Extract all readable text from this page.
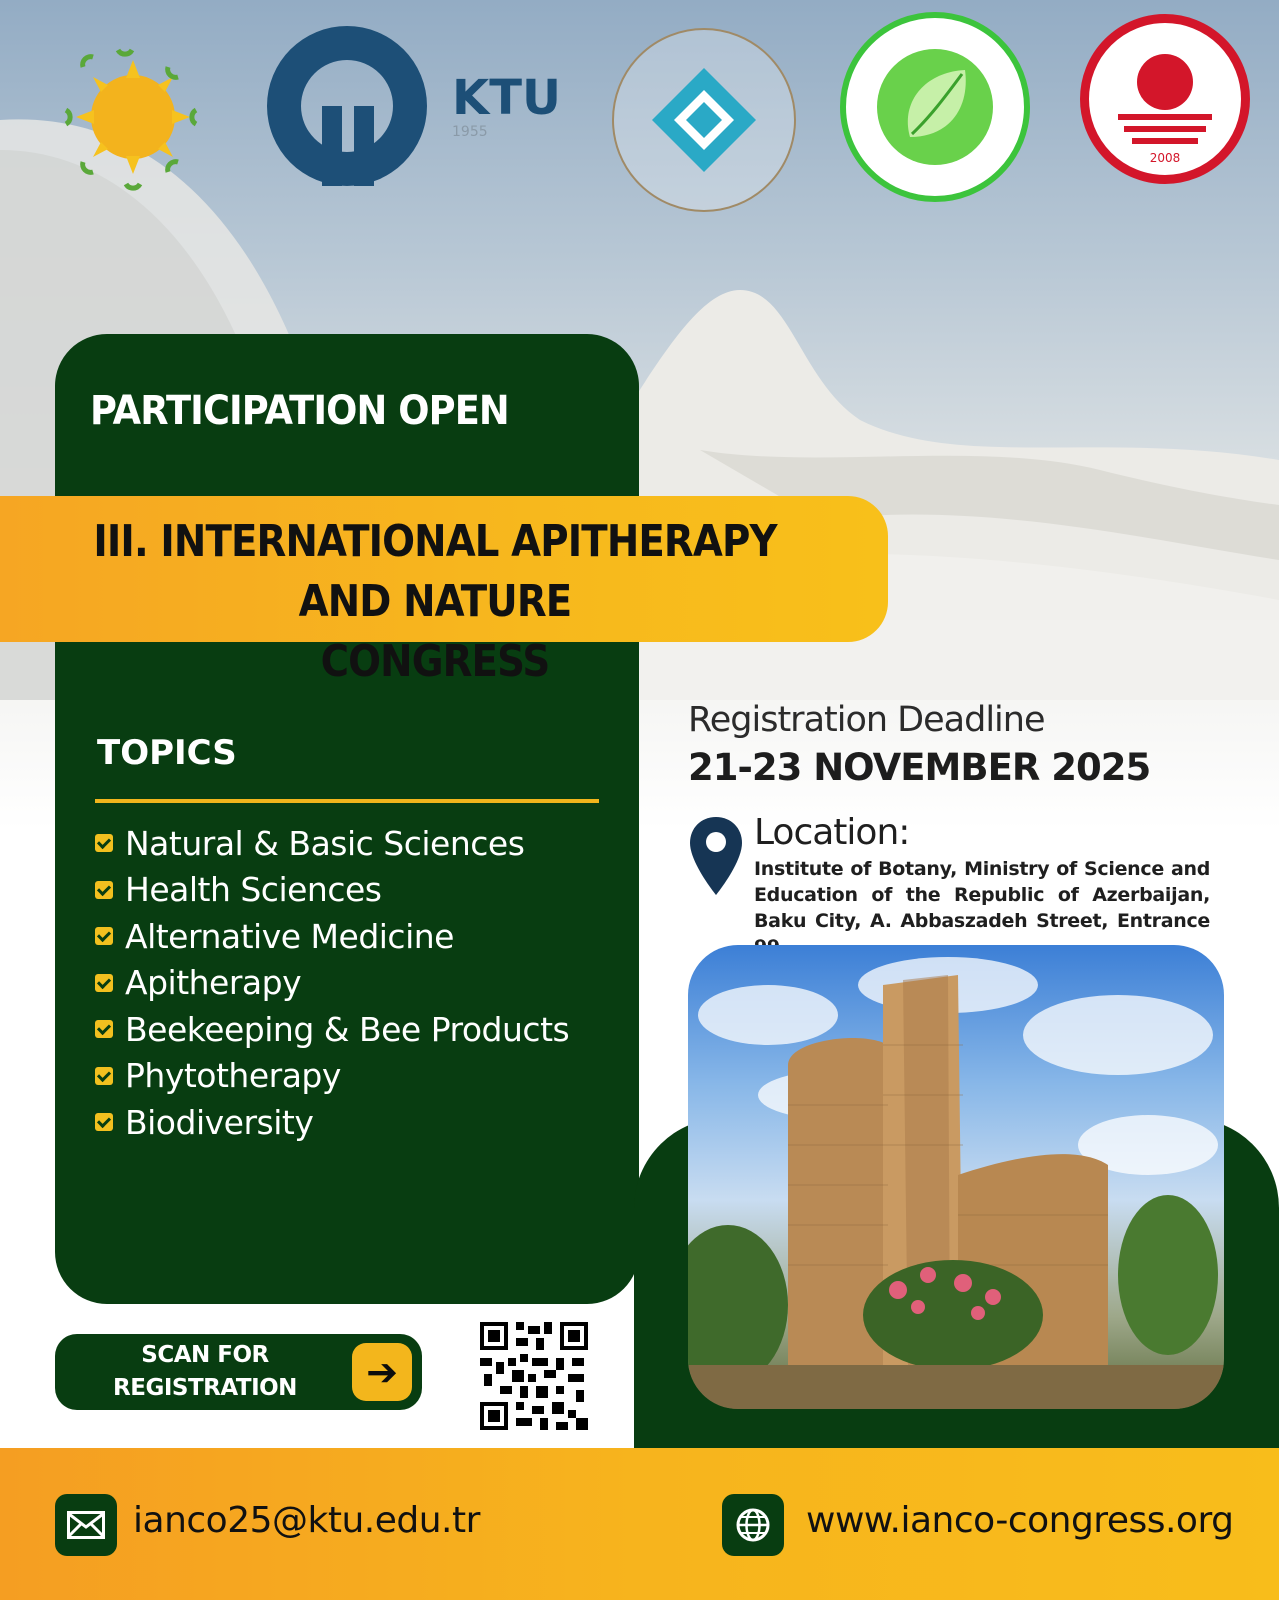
KTU
1955
2008
PARTICIPATION OPEN
III. INTERNATIONAL APITHERAPY AND NATURE
CONGRESS
TOPICS
Natural & Basic Sciences
Health Sciences
Alternative Medicine
Apitherapy
Beekeeping & Bee Products
Phytotherapy
Biodiversity
Registration Deadline
21-23 NOVEMBER 2025
Location:
Institute of Botany, Ministry of Science and Education of the Republic of Azerbaijan, Baku City, A. Abbaszadeh Street, Entrance
SCAN FOR
REGISTRATION	➔
ianco25@ktu.edu.tr	www.ianco-congress.org
